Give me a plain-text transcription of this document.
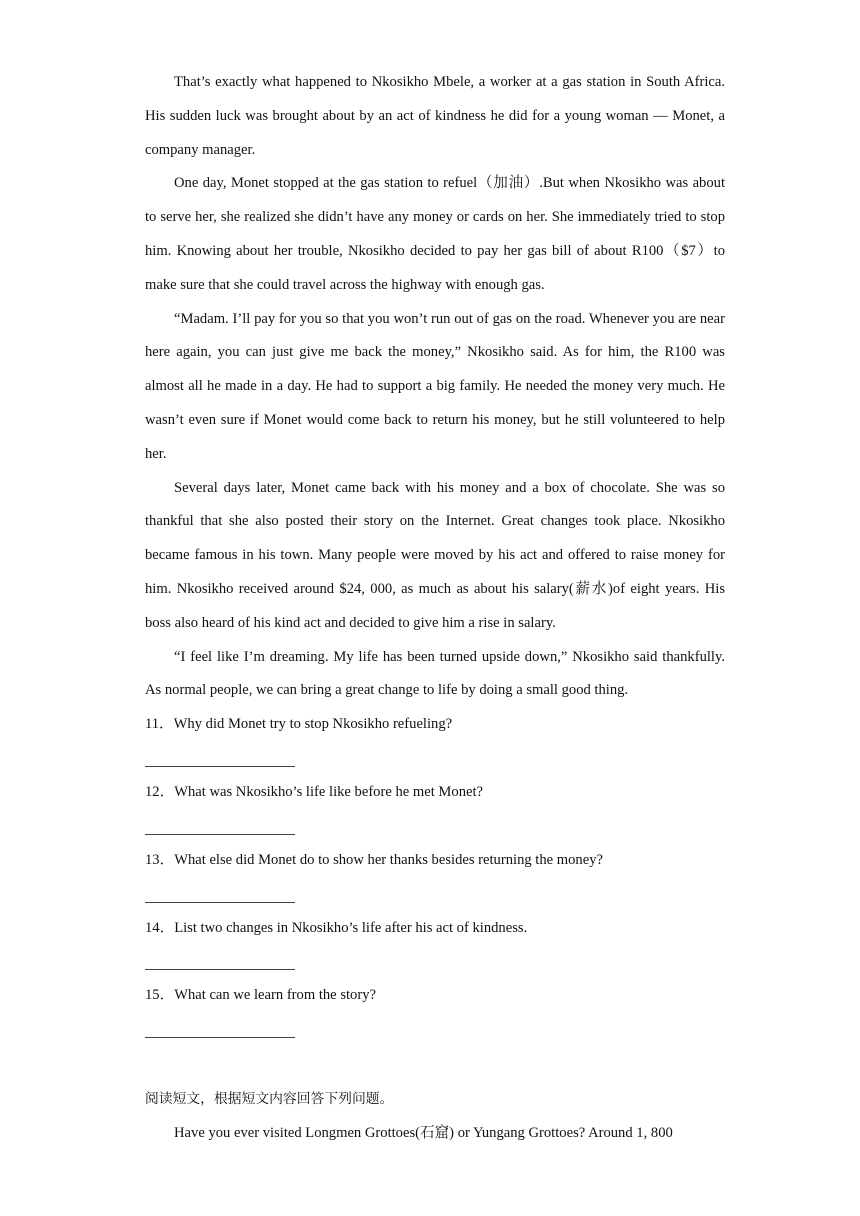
That’s exactly what happened to Nkosikho Mbele, a worker at a gas station in South Africa. His sudden luck was brought about by an act of kindness he did for a young woman — Monet, a company manager.

One day, Monet stopped at the gas station to refuel（加油）.But when Nkosikho was about to serve her, she realized she didn’t have any money or cards on her. She immediately tried to stop him. Knowing about her trouble, Nkosikho decided to pay her gas bill of about R100（$7）to make sure that she could travel across the highway with enough gas.

“Madam. I’ll pay for you so that you won’t run out of gas on the road. Whenever you are near here again, you can just give me back the money,” Nkosikho said. As for him, the R100 was almost all he made in a day. He had to support a big family. He needed the money very much. He wasn’t even sure if Monet would come back to return his money, but he still volunteered to help her.

Several days later, Monet came back with his money and a box of chocolate. She was so thankful that she also posted their story on the Internet. Great changes took place. Nkosikho became famous in his town. Many people were moved by his act and offered to raise money for him. Nkosikho received around $24, 000, as much as about his salary(薪水)of eight years. His boss also heard of his kind act and decided to give him a rise in salary.

“I feel like I’m dreaming. My life has been turned upside down,” Nkosikho said thankfully. As normal people, we can bring a great change to life by doing a small good thing.

11．Why did Monet try to stop Nkosikho refueling?

12．What was Nkosikho’s life like before he met Monet?

13．What else did Monet do to show her thanks besides returning the money?

14．List two changes in Nkosikho’s life after his act of kindness.

15．What can we learn from the story?

阅读短文，根据短文内容回答下列问题。

Have you ever visited Longmen Grottoes(石窟) or Yungang Grottoes? Around 1, 800
